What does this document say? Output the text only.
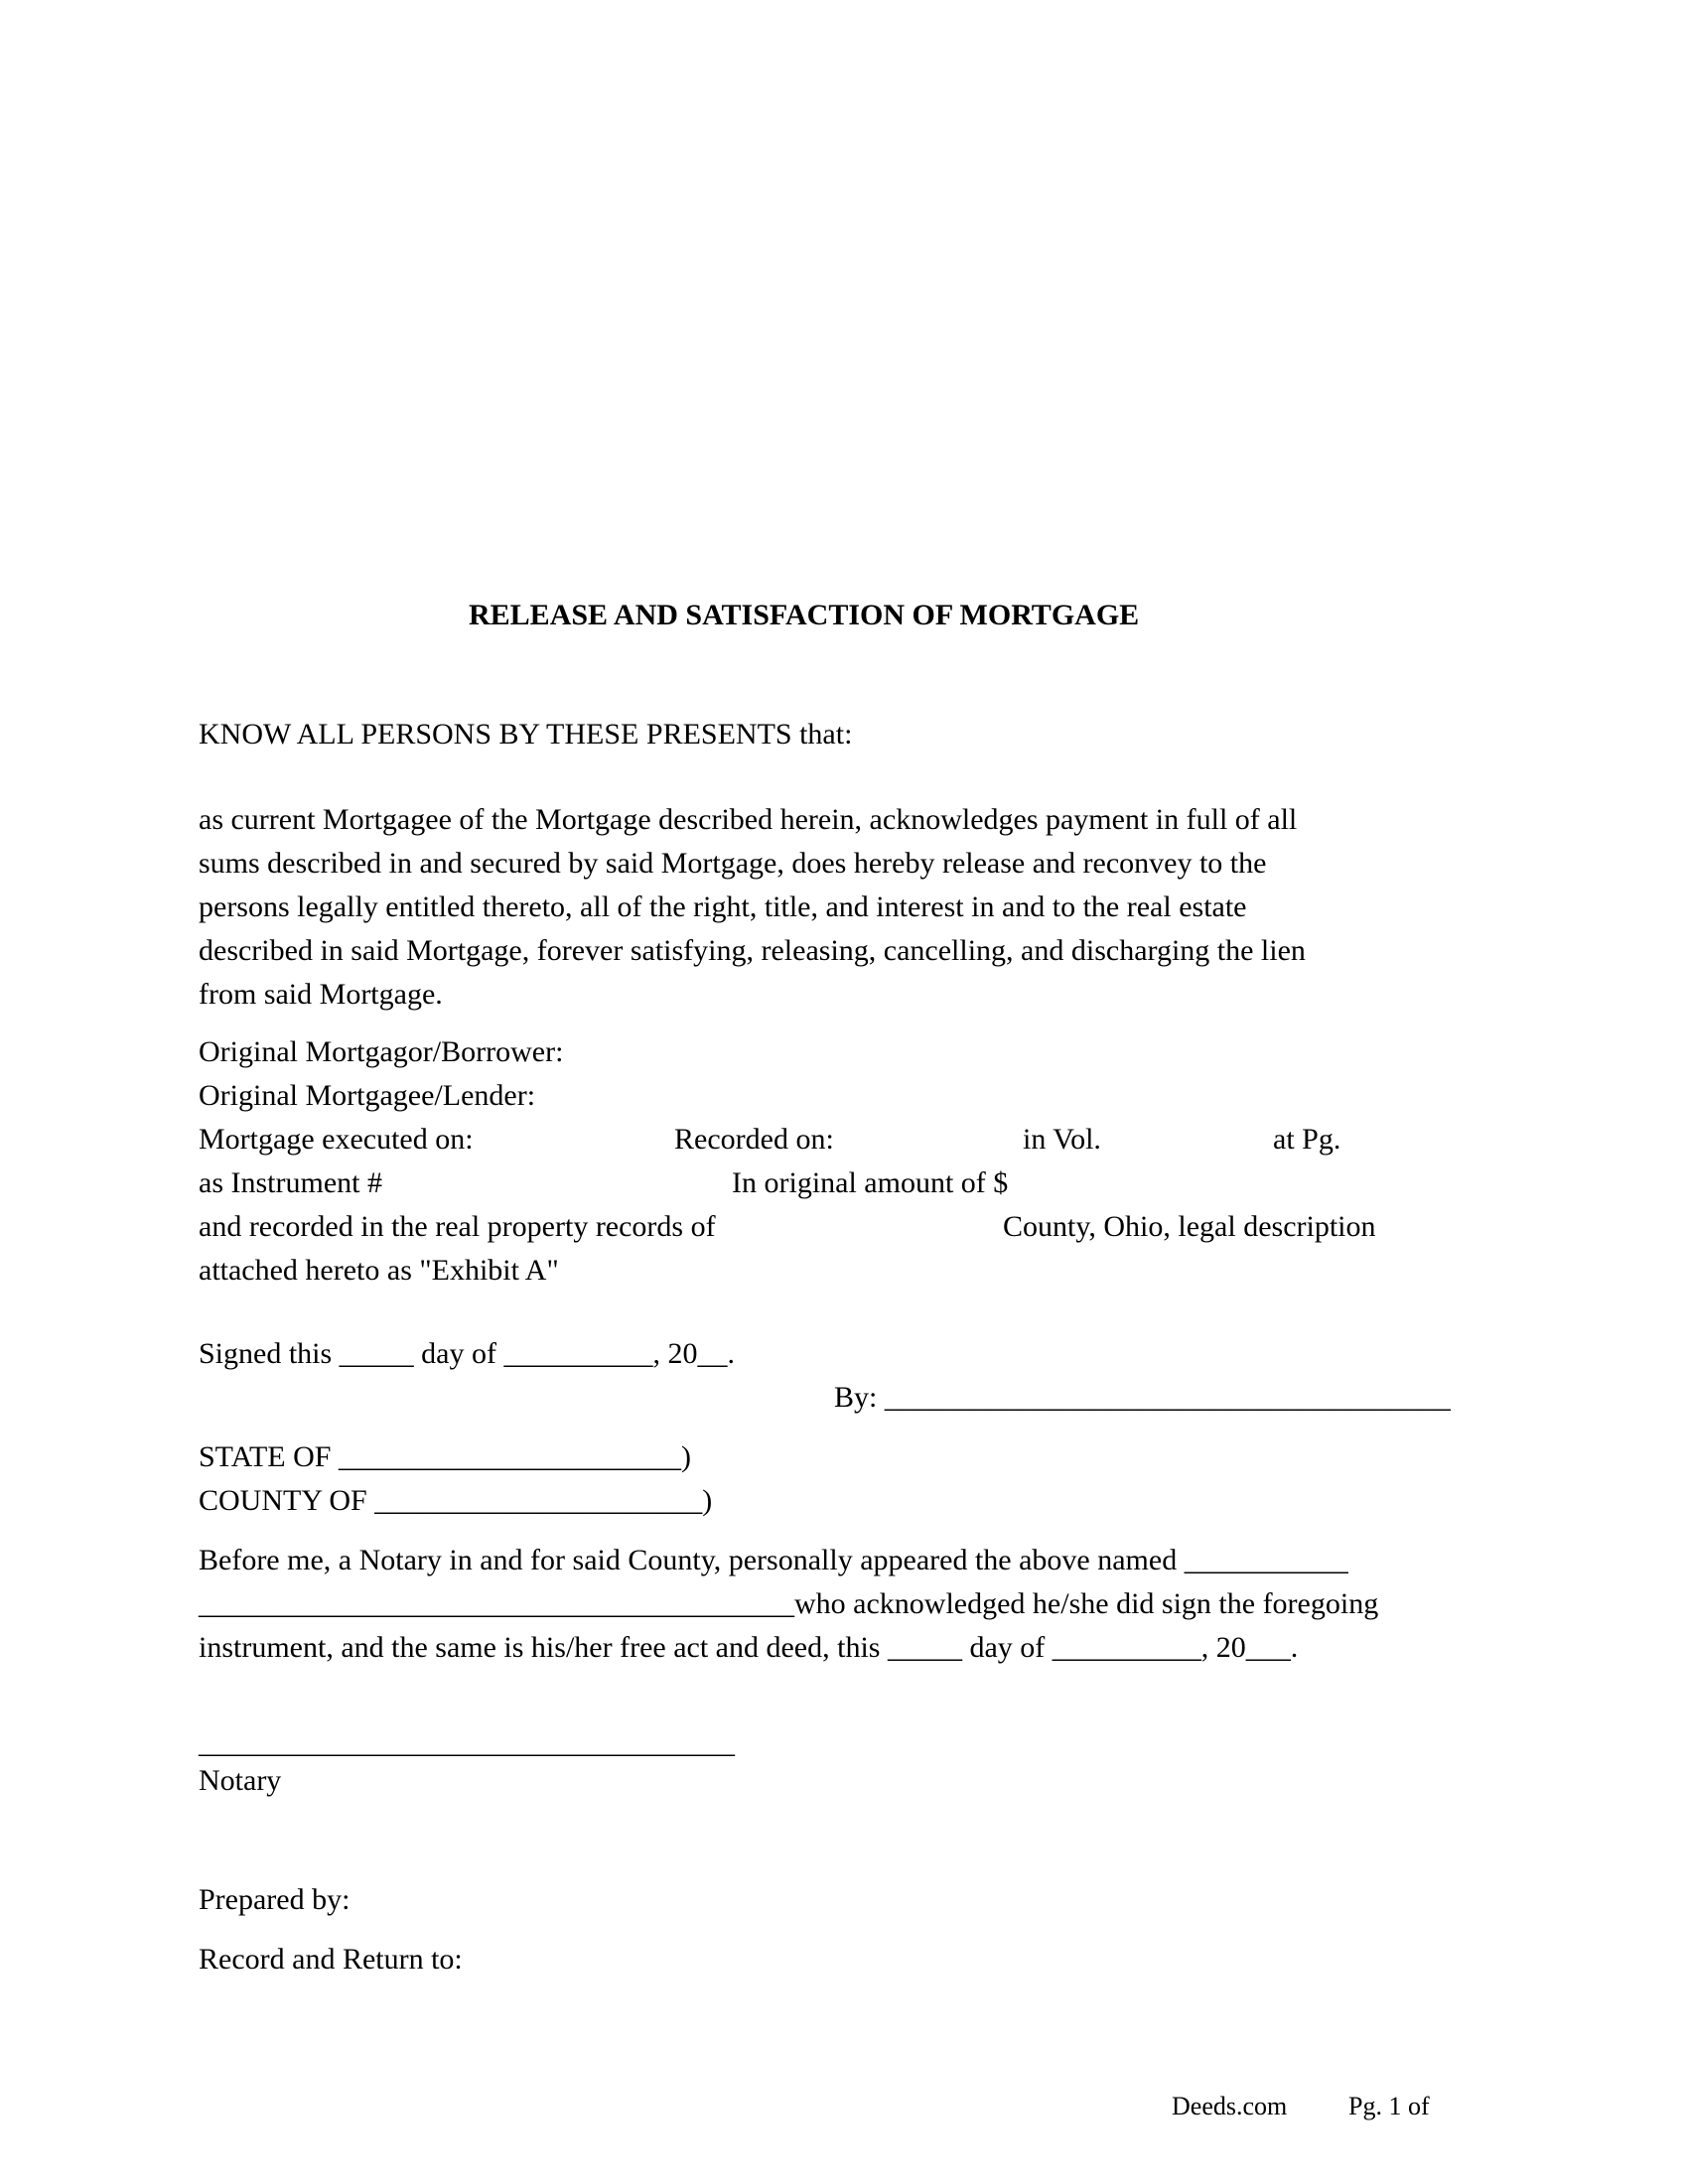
RELEASE AND SATISFACTION OF MORTGAGE
KNOW ALL PERSONS BY THESE PRESENTS that:
as current Mortgagee of the Mortgage described herein, acknowledges payment in full of all
sums described in and secured by said Mortgage, does hereby release and reconvey to the
persons legally entitled thereto, all of the right, title, and interest in and to the real estate
described in said Mortgage, forever satisfying, releasing, cancelling, and discharging the lien
from said Mortgage.
Original Mortgagor/Borrower:
Original Mortgagee/Lender:
Mortgage executed on:	Recorded on:	in Vol.	at Pg.
as Instrument #	In original amount of $
and recorded in the real property records of	County, Ohio, legal description
attached hereto as "Exhibit A"
Signed this _____ day of __________, 20__.
By: ______________________________________
STATE OF _______________________)
COUNTY OF ______________________)
Before me, a Notary in and for said County, personally appeared the above named ___________
________________________________________who acknowledged he/she did sign the foregoing
instrument, and the same is his/her free act and deed, this _____ day of __________, 20___.
____________________________________
Notary
Prepared by:
Record and Return to:
Deeds.com Pg. 1 of
